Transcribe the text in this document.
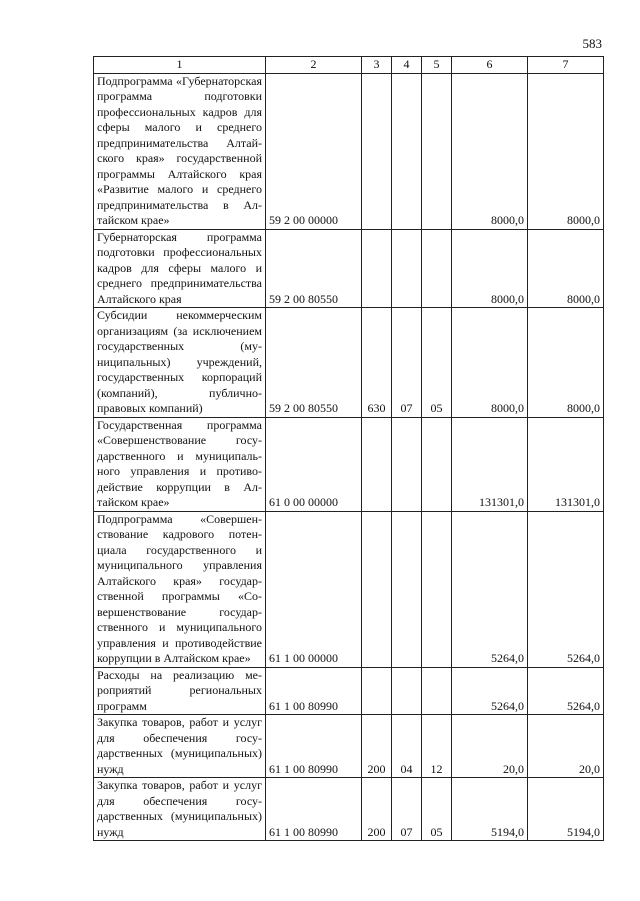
583
1	2	3	4	5	6	7
Подпрограмма «Губернаторская программа подготовки профессиональных кадров для сферы малого и среднего предпринимательства Алтайского края» государственной программы Алтайского края «Развитие малого и среднего предпринимательства в Алтайском крае»	59 2 00 00000				8000,0	8000,0
Губернаторская программа подготовки профессиональных кадров для сферы малого и среднего предпринимательства Алтайского края	59 2 00 80550				8000,0	8000,0
Субсидии некоммерческим организациям (за исключением государственных (муниципальных) учреждений, государственных корпораций (компаний), публично-правовых компаний)	59 2 00 80550	630	07	05	8000,0	8000,0
Государственная программа «Совершенствование государственного и муниципального управления и противодействие коррупции в Алтайском крае»	61 0 00 00000				131301,0	131301,0
Подпрограмма «Совершенствование кадрового потенциала государственного и муниципального управления Алтайского края» государственной программы «Совершенствование государственного и муниципального управления и противодействие коррупции в Алтайском крае»	61 1 00 00000				5264,0	5264,0
Расходы на реализацию мероприятий региональных программ	61 1 00 80990				5264,0	5264,0
Закупка товаров, работ и услуг для обеспечения государственных (муниципальных) нужд	61 1 00 80990	200	04	12	20,0	20,0
Закупка товаров, работ и услуг для обеспечения государственных (муниципальных) нужд	61 1 00 80990	200	07	05	5194,0	5194,0
